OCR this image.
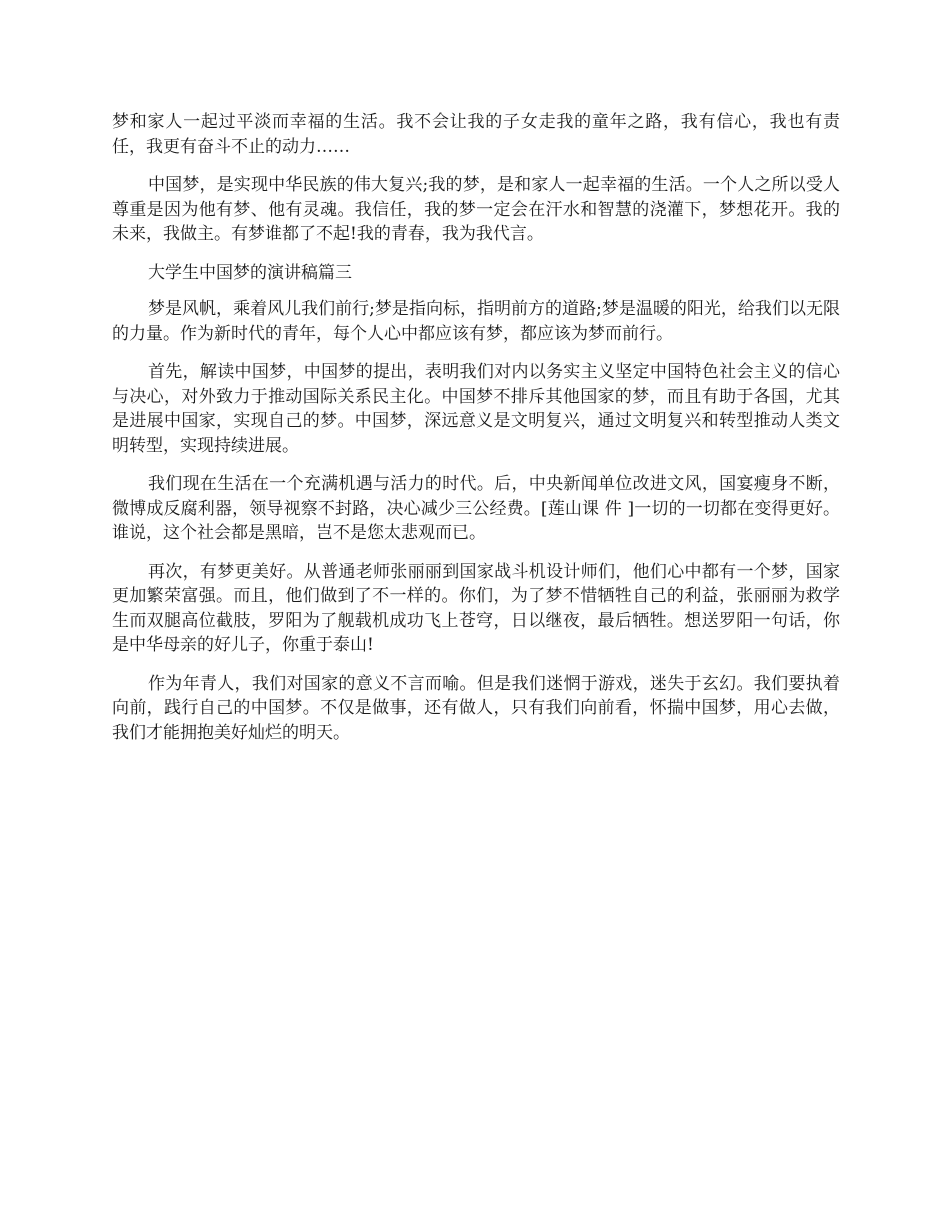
梦和家人一起过平淡而幸福的生活。我不会让我的子女走我的童年之路，我有信心，我也有责任，我更有奋斗不止的动力……

中国梦，是实现中华民族的伟大复兴;我的梦，是和家人一起幸福的生活。一个人之所以受人尊重是因为他有梦、他有灵魂。我信任，我的梦一定会在汗水和智慧的浇灌下，梦想花开。我的未来，我做主。有梦谁都了不起!我的青春，我为我代言。

大学生中国梦的演讲稿篇三

梦是风帆，乘着风儿我们前行;梦是指向标，指明前方的道路;梦是温暖的阳光，给我们以无限的力量。作为新时代的青年，每个人心中都应该有梦，都应该为梦而前行。

首先，解读中国梦，中国梦的提出，表明我们对内以务实主义坚定中国特色社会主义的信心与决心，对外致力于推动国际关系民主化。中国梦不排斥其他国家的梦，而且有助于各国，尤其是进展中国家，实现自己的梦。中国梦，深远意义是文明复兴，通过文明复兴和转型推动人类文明转型，实现持续进展。

我们现在生活在一个充满机遇与活力的时代。后，中央新闻单位改进文风，国宴瘦身不断，微博成反腐利器，领导视察不封路，决心减少三公经费。[莲山课 件 ]一切的一切都在变得更好。谁说，这个社会都是黑暗，岂不是您太悲观而已。

再次，有梦更美好。从普通老师张丽丽到国家战斗机设计师们，他们心中都有一个梦，国家更加繁荣富强。而且，他们做到了不一样的。你们，为了梦不惜牺牲自己的利益，张丽丽为救学生而双腿高位截肢，罗阳为了舰载机成功飞上苍穹，日以继夜，最后牺牲。想送罗阳一句话，你是中华母亲的好儿子，你重于泰山!

作为年青人，我们对国家的意义不言而喻。但是我们迷惘于游戏，迷失于玄幻。我们要执着向前，践行自己的中国梦。不仅是做事，还有做人，只有我们向前看，怀揣中国梦，用心去做，我们才能拥抱美好灿烂的明天。
